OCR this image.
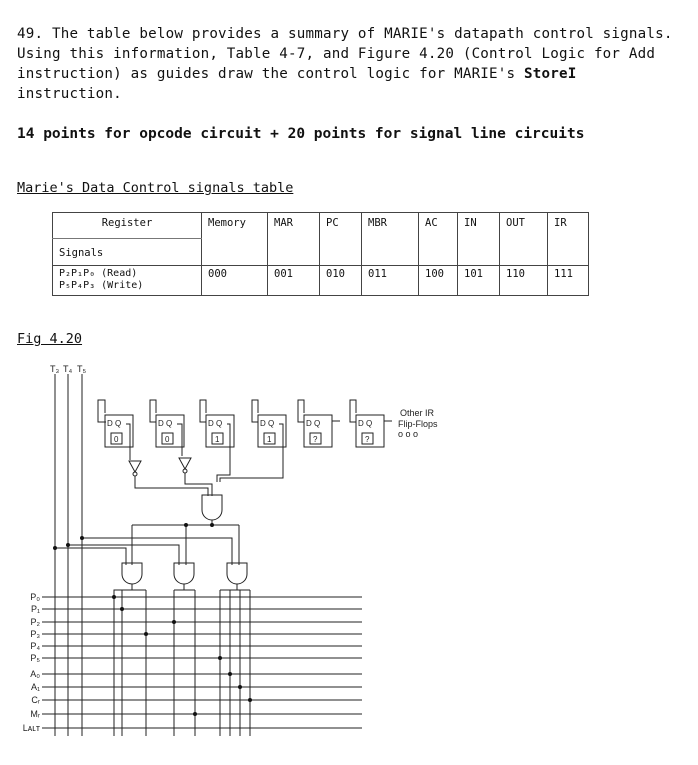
49. The table below provides a summary of MARIE's datapath control signals.
Using this information, Table 4-7, and Figure 4.20 (Control Logic for Add
instruction) as guides draw the control logic for MARIE's StoreI instruction.
14 points for opcode circuit + 20 points for signal line circuits
Marie's Data Control signals table
Register	Memory	MAR	PC	MBR	AC	IN	OUT	IR
Signals								

P₂P₁P₀ (Read)
P₅P₄P₃ (Write)	000	001	010	011	100	101	110	111
Fig 4.20
T₃ T₄ T₅
D Q	D Q	D Q	D Q	D Q	D Q
0	0	1	1	?	?
Other IR
Flip-Flops
o o o
P₀
P₁
P₂
P₃
P₄
P₅
A₀
A₁
Cᵣ
Mᵣ
Lᴀʟᴛ
